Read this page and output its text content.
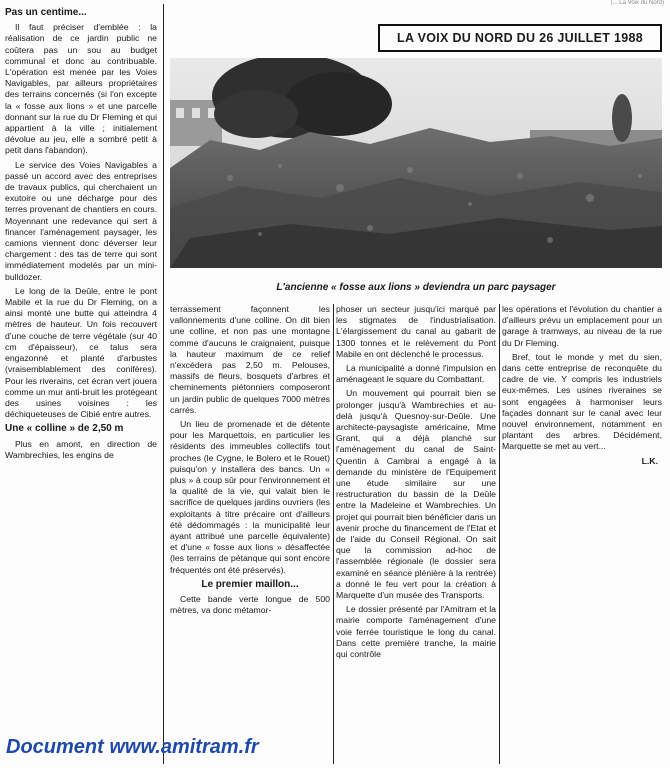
(... La Voix du Nord)
Pas un centime...

Il faut préciser d'emblée : la réalisation de ce jardin public ne coûtera pas un sou au budget communal et donc au contribuable. L'opération est menée par les Voies Navigables, par ailleurs propriétaires des terrains concernés (si l'on excepte la « fosse aux lions » et une parcelle donnant sur la rue du Dr Fleming et qui appartient à la ville ; initialement dévolue au jeu, elle a sombré petit à petit dans l'abandon).

Le service des Voies Navigables a passé un accord avec des entreprises de travaux publics, qui cherchaient un exutoire ou une décharge pour des terres provenant de chantiers en cours. Moyennant une redevance qui sert à financer l'aménagement paysager, les camions viennent donc déverser leur chargement : des tas de terre qui sont immédiatement modelés par un mini-bulldozer.

Le long de la Deûle, entre le pont Mabile et la rue du Dr Fleming, on a ainsi monté une butte qui atteindra 4 mètres de hauteur. Un fois recouvert d'une couche de terre végétale (sur 40 cm d'épaisseur), ce talus sera engazonné et planté d'arbustes (vraisemblablement des conifères). Pour les riverains, cet écran vert jouera comme un mur anti-bruit les protégeant des usines voisines : les déchiqueteuses de Cibié entre autres.

Une « colline » de 2,50 m

Plus en amont, en direction de Wambrechies, les engins de

LA VOIX DU NORD DU 26 JUILLET 1988
L'ancienne « fosse aux lions » deviendra un parc paysager

terrassement façonnent les vallonnements d'une colline. On dit bien une colline, et non pas une montagne comme d'aucuns le craignaient, puisque la hauteur maximum de ce relief n'excédera pas 2,50 m. Pelouses, massifs de fleurs, bosquets d'arbres et cheminements piétonniers composeront un jardin public de quelques 7000 mètres carrés.

Un lieu de promenade et de détente pour les Marquettois, en particulier les résidents des immeubles collectifs tout proches (le Cygne, le Bolero et le Rouet) puisqu'on y installera des bancs. Un « plus » à coup sûr pour l'environnement et la qualité de la vie, qui valait bien le sacrifice de quelques jardins ouvriers (les exploitants à titre précaire ont d'ailleurs été dédommagés : la municipalité leur ayant attribué une parcelle équivalente) et d'une « fosse aux lions » désaffectée (les terrains de pétanque qui sont encore fréquentés ont été préservés).

Le premier maillon...

Cette bande verte longue de 500 mètres, va donc métamor-

phoser un secteur jusqu'ici marqué par les stigmates de l'industrialisation. L'élargissement du canal au gabarit de 1300 tonnes et le relèvement du Pont Mabile en ont déclenché le processus.

La municipalité a donné l'impulsion en aménageant le square du Combattant.

Un mouvement qui pourrait bien se prolonger jusqu'à Wambrechies et au-delà jusqu'à Quesnoy-sur-Deûle. Une architecte-paysagiste américaine, Mme Grant, qui a déjà planché sur l'aménagement du canal de Saint-Quentin à Cambrai a engagé à la demande du ministère de l'Equipement une étude similaire sur une restructuration du bassin de la Deûle entre la Madeleine et Wambrechies. Un projet qui pourrait bien bénéficier dans un avenir proche du financement de l'Etat et de l'aide du Conseil Régional. On sait que la commission ad-hoc de l'assemblée régionale (le dossier sera examiné en séance plénière à la rentrée) a donné le feu vert pour la création à Marquette d'un musée des Transports.

Le dossier présenté par l'Amitram et la mairie comporte l'aménagement d'une voie ferrée touristique le long du canal. Dans cette première tranche, la mairie qui contrôle

les opérations et l'évolution du chantier a d'ailleurs prévu un emplacement pour un garage à tramways, au niveau de la rue du Dr Fleming.

Bref, tout le monde y met du sien, dans cette entreprise de reconquête du cadre de vie. Y compris les industriels eux-mêmes. Les usines riveraines se sont engagées à harmoniser leurs façades donnant sur le canal avec leur nouvel environnement, notamment en plantant des arbres. Décidément, Marquette se met au vert...

L.K.
Document www.amitram.fr
